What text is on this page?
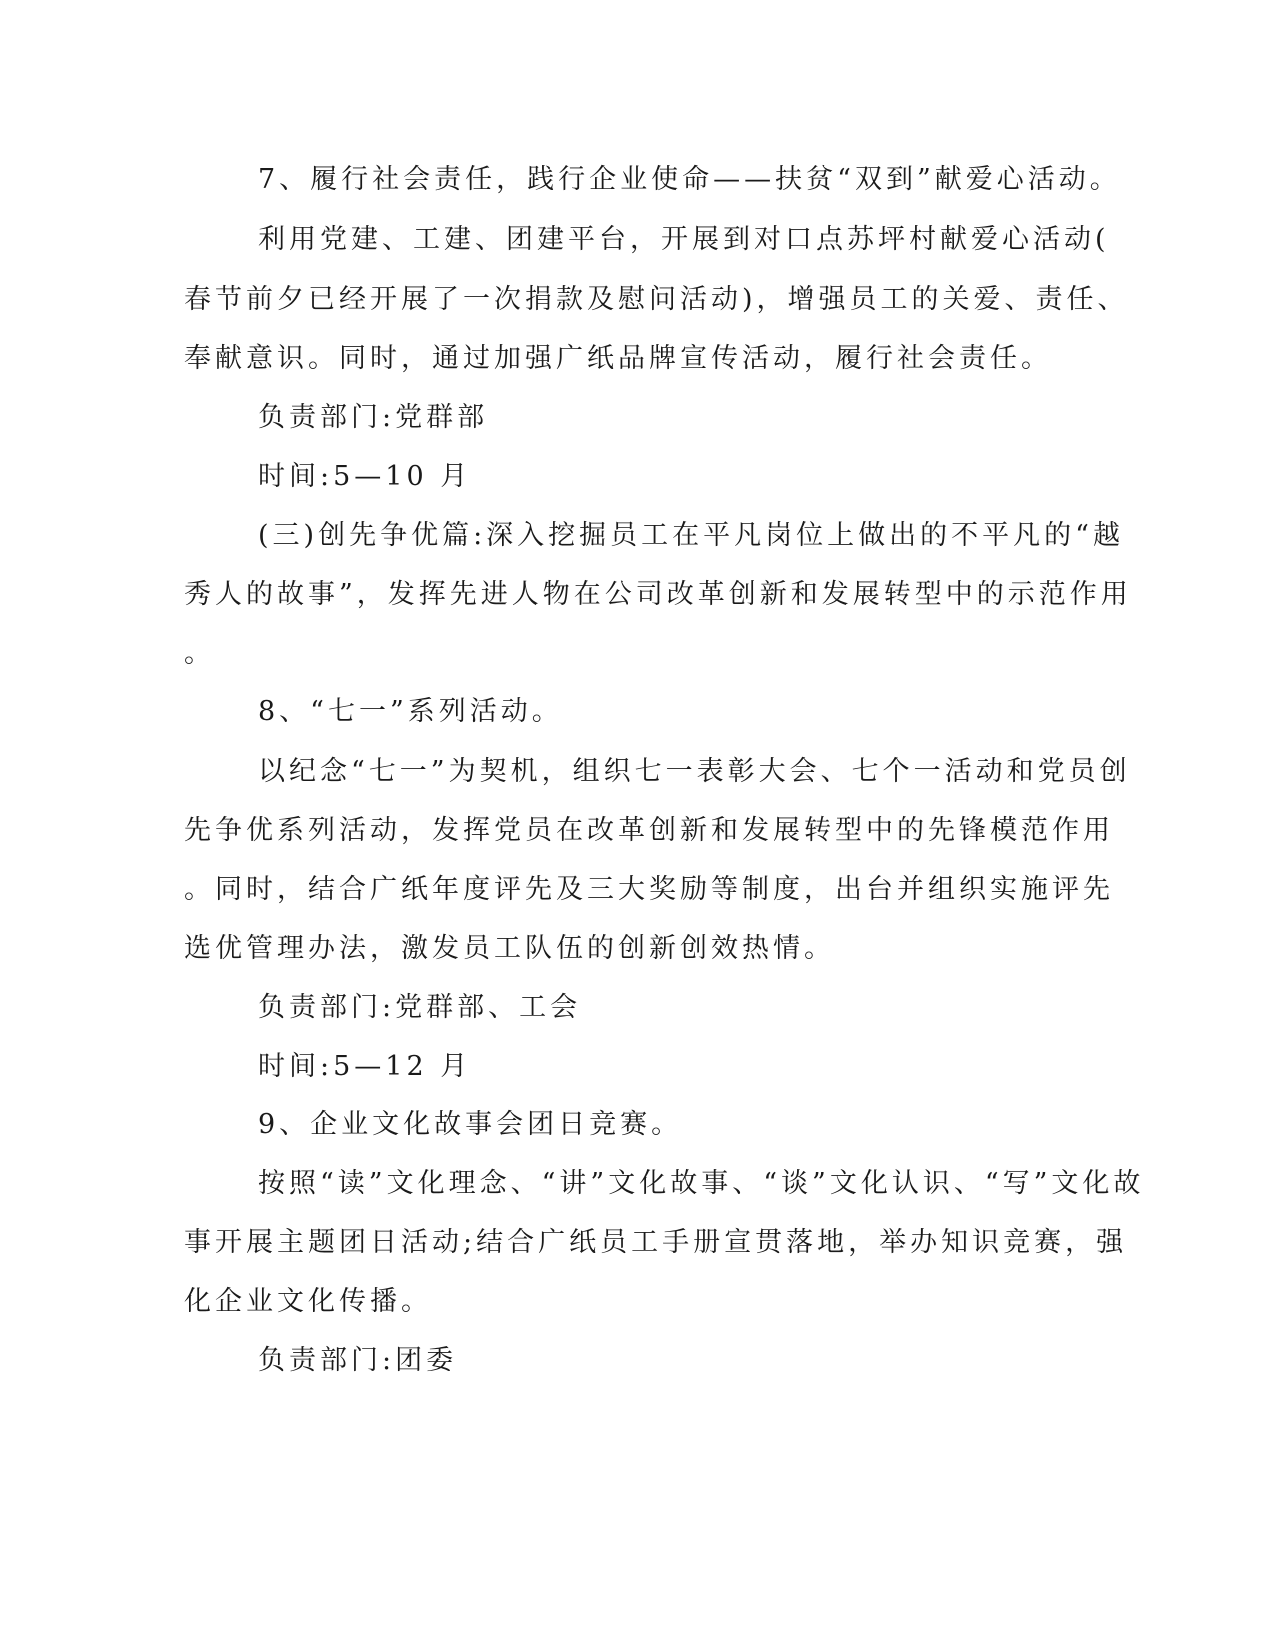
7、履行社会责任，践行企业使命——扶贫“双到”献爱心活动。
利用党建、工建、团建平台，开展到对口点苏坪村献爱心活动(
春节前夕已经开展了一次捐款及慰问活动)，增强员工的关爱、责任、
奉献意识。同时，通过加强广纸品牌宣传活动，履行社会责任。
负责部门:党群部
时间:5—10 月
(三)创先争优篇:深入挖掘员工在平凡岗位上做出的不平凡的“越
秀人的故事”，发挥先进人物在公司改革创新和发展转型中的示范作用
。
8、“七一”系列活动。
以纪念“七一”为契机，组织七一表彰大会、七个一活动和党员创
先争优系列活动，发挥党员在改革创新和发展转型中的先锋模范作用
。同时，结合广纸年度评先及三大奖励等制度，出台并组织实施评先
选优管理办法，激发员工队伍的创新创效热情。
负责部门:党群部、工会
时间:5—12 月
9、企业文化故事会团日竞赛。
按照“读”文化理念、“讲”文化故事、“谈”文化认识、“写”文化故
事开展主题团日活动;结合广纸员工手册宣贯落地，举办知识竞赛，强
化企业文化传播。
负责部门:团委
